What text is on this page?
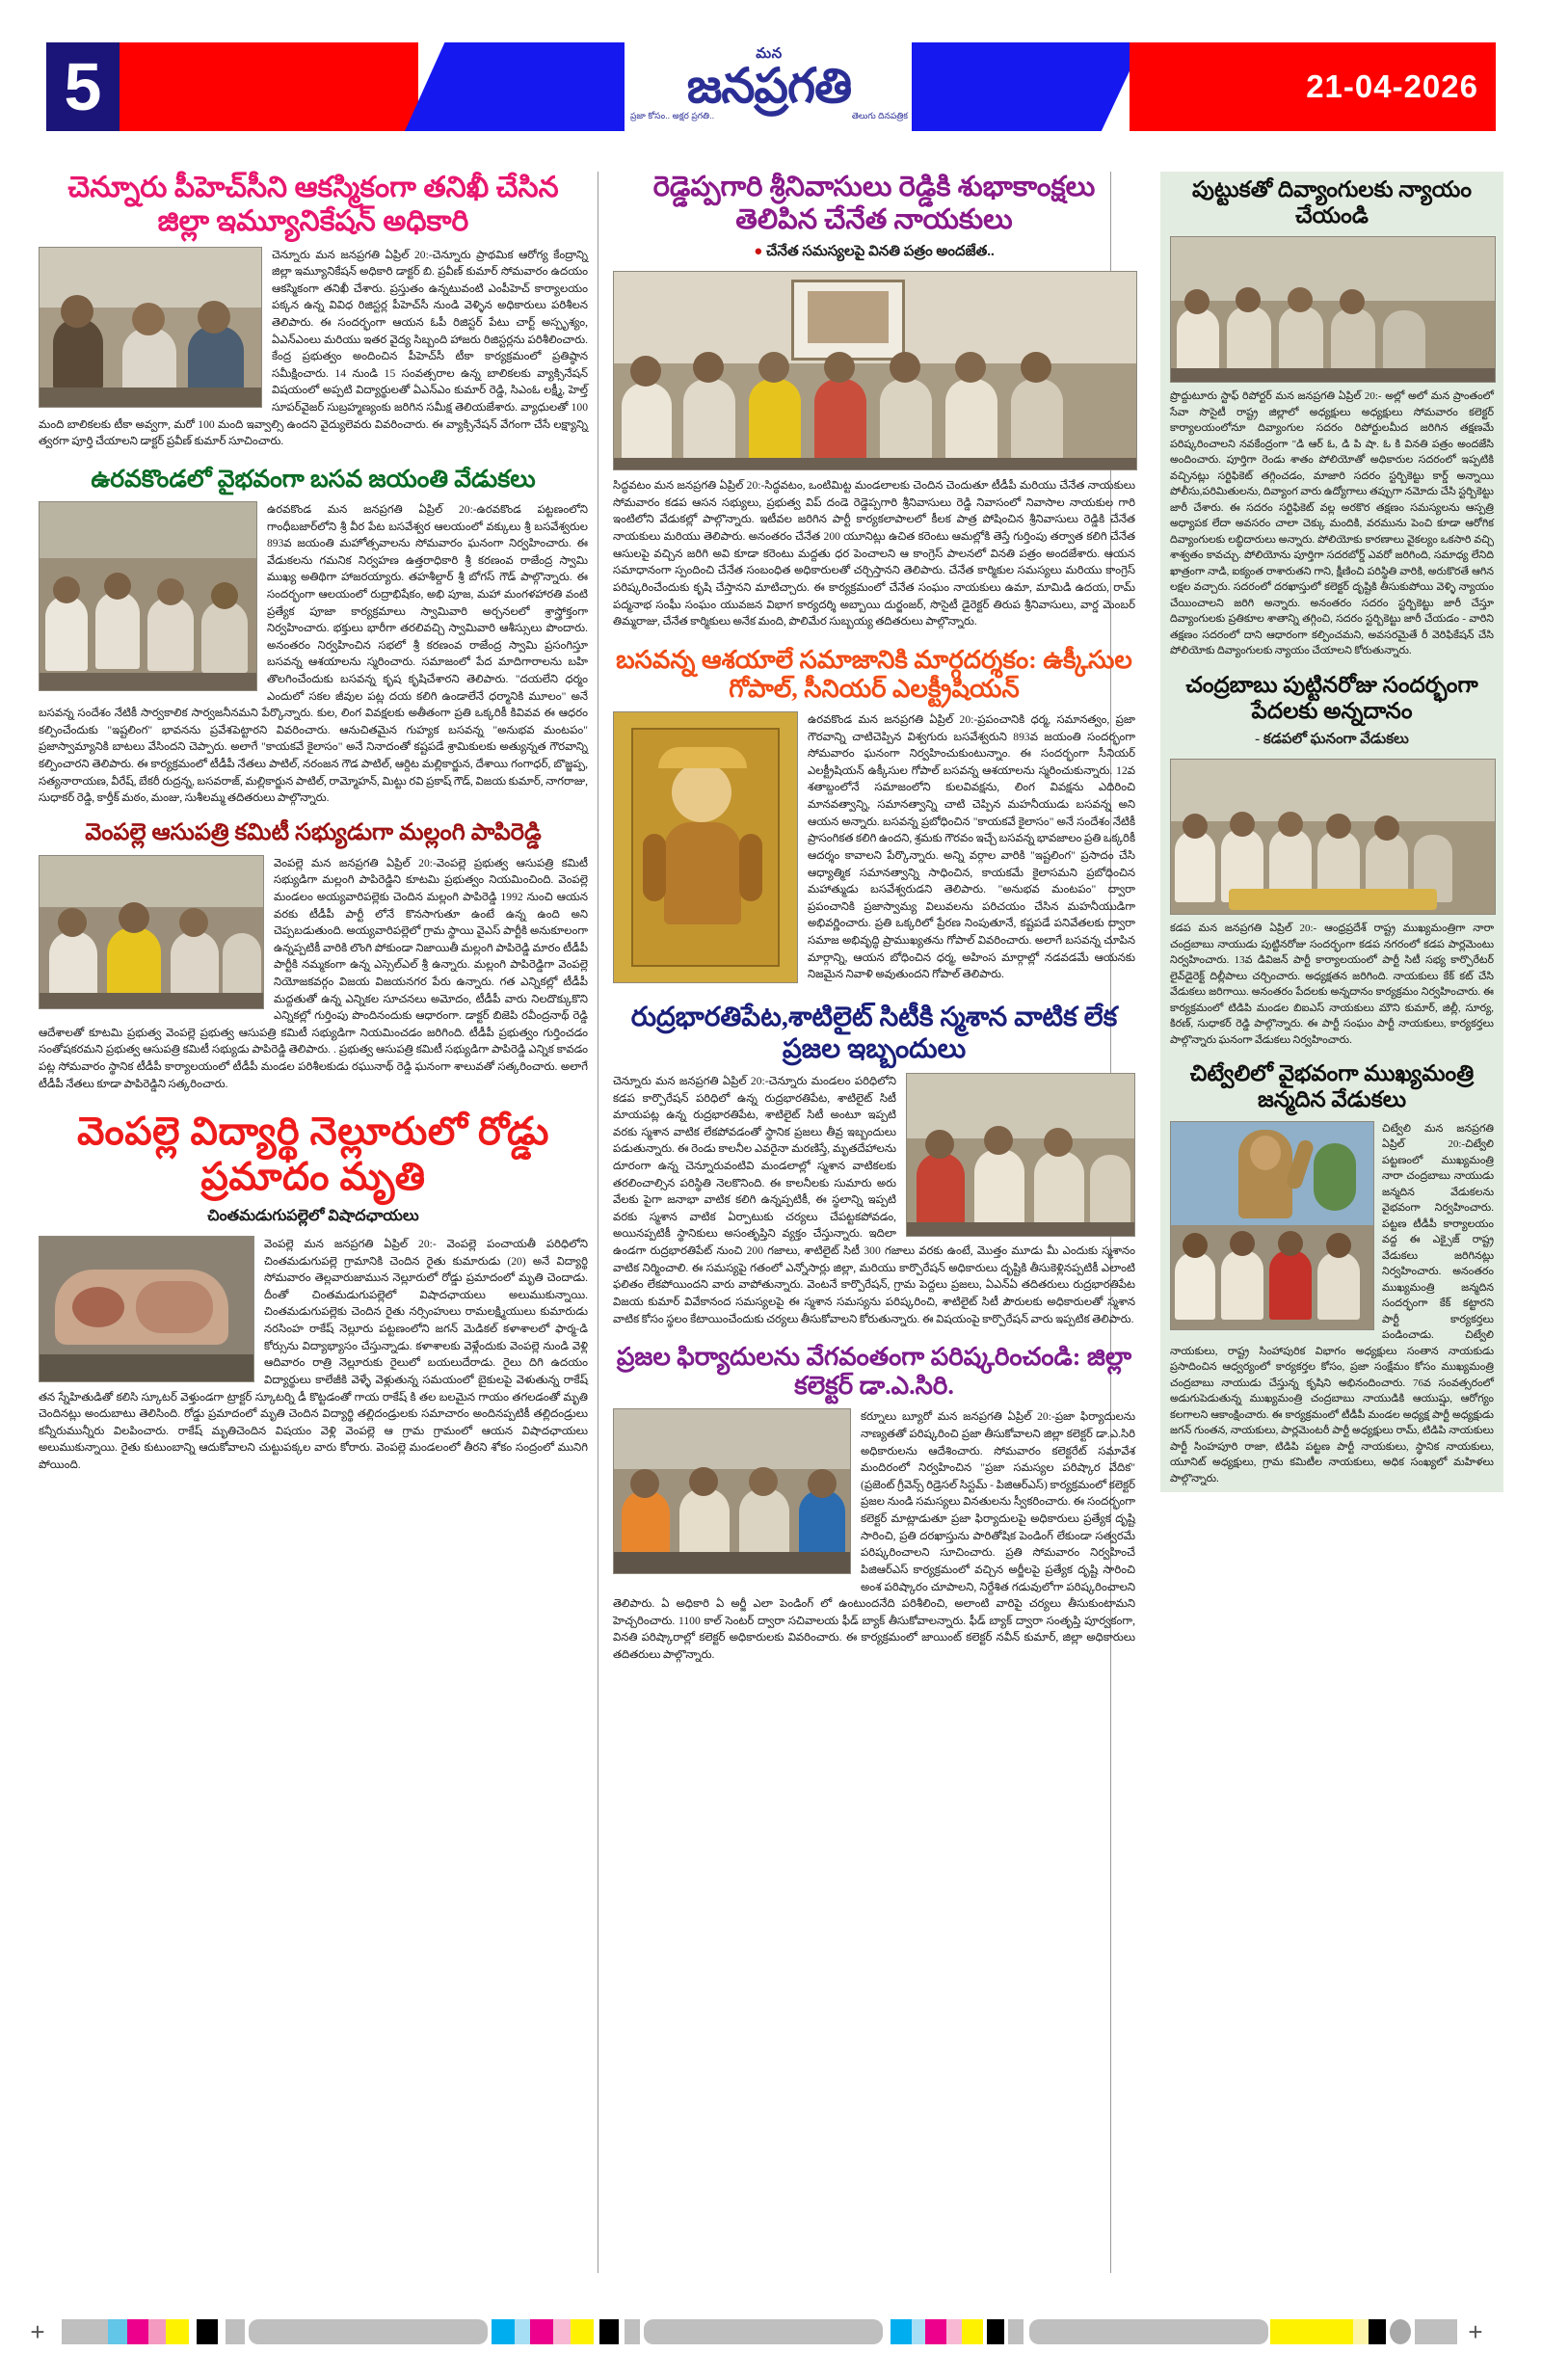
5	మన
జనప్రగతి
ప్రజా కోసం.. అక్షర ప్రగతి..	తెలుగు దినపత్రిక
21-04-2026
చెన్నూరు పీహెచ్‌సీని ఆకస్మికంగా తనిఖీ చేసిన జిల్లా ఇమ్యూనికేషన్ అధికారి
చెన్నూరు మన జనప్రగతి ఏప్రిల్ 20:-చెన్నూరు ప్రాథమిక ఆరోగ్య కేంద్రాన్ని జిల్లా ఇమ్యూనికేషన్ అధికారి డాక్టర్ బి. ప్రవీణ్ కుమార్ సోమవారం ఉదయం ఆకస్మికంగా తనిఖీ చేశారు. ప్రస్తుతం ఉన్నటువంటి ఎంపీహెచ్ కార్యాలయం పక్కన ఉన్న వివిధ రిజిస్టర్ల పీహెచ్‌సీ నుండి వెళ్ళిన అధికారులు పరిశీలన తెలిపారు. ఈ సందర్భంగా ఆయన ఓపీ రిజిస్టర్ పేటు చార్ట్ అస్పృశ్యం, ఏఎన్ఎంలు మరియు ఇతర వైద్య సిబ్బంది హాజరు రిజిస్టర్లను పరిశీలించారు. కేంద్ర ప్రభుత్వం అందించిన పీహెచ్‌సీ టీకా కార్యక్రమంలో ప్రతిష్ఠాన సమీక్షించారు. 14 నుండి 15 సంవత్సరాల ఉన్న బాలికలకు వ్యాక్సినేషన్ విషయంలో అప్పటి విద్యార్థులతో ఏఎన్ఎం కుమార్ రెడ్డి, సిఎంఓ లక్ష్మీ, హెల్త్ సూపర్‌వైజర్ సుబ్రహ్మణ్యంకు జరిగిన సమీక్ష తెలియజేశారు. వ్యాధులతో 100 మంది బాలికలకు టీకా అవ్వగా, మరో 100 మంది ఇవ్వాల్సి ఉందని వైద్యులెవరు వివరించారు. ఈ వ్యాక్సినేషన్ వేగంగా చేసే లక్ష్యాన్ని త్వరగా పూర్తి చేయాలని డాక్టర్ ప్రవీణ్ కుమార్ సూచించారు.
ఉరవకొండలో వైభవంగా బసవ జయంతి వేడుకలు
ఉరవకొండ మన జనప్రగతి ఏప్రిల్ 20:-ఉరవకొండ పట్టణంలోని గాంధీబజార్‌లోని శ్రీ వీర పేట బసవేశ్వర ఆలయంలో వక్కులు శ్రీ బసవేశ్వరుల 893వ జయంతి మహోత్సవాలను సోమవారం ఘనంగా నిర్వహించారు. ఈ వేడుకలను గమనిక నిర్వహణ ఉత్తరాధికారి శ్రీ కరణంవ రాజేంద్ర స్వామి ముఖ్య అతిథిగా హాజరయ్యారు. తహశీల్దార్ శ్రీ బోగస్ గౌడ్ పాల్గొన్నారు. ఈ సందర్భంగా ఆలయంలో రుద్రాభిషేకం, అభి పూజ, మహా మంగళహారతి వంటి ప్రత్యేక పూజా కార్యక్రమాలు స్వామివారి అర్చనలలో శ్రాస్త్రోక్తంగా నిర్వహించారు. భక్తులు భారీగా తరలివచ్చి స్వామివారి ఆశీస్సులు పొందారు. అనంతరం నిర్వహించిన సభలో శ్రీ కరణంవ రాజేంద్ర స్వామి ప్రసంగిస్తూ బసవన్న ఆశయాలను స్మరించారు. సమాజంలో పేద మాదిగారాలను బహి తొలగించేందుకు బసవన్న కృష కృషిచేశారని తెలిపారు. "దయలేని ధర్మం ఎందులో సకల జీవుల పట్ల దయ కలిగి ఉండాలేనే ధర్మానికి మూలం" అనే బసవన్న సందేశం నేటికీ సార్వకాలిక సార్వజనీనమని పేర్కొన్నారు. కుల, లింగ వివక్షలకు అతీతంగా ప్రతి ఒక్కరికీ కివివవ ఈ ఆధరం కల్పించేందుకు "ఇష్టలింగ" భావనను ప్రవేశపెట్టారని వివరించారు. ఆనుచితమైన గుహ్యక బసవన్న "అనుభవ మంటపం" ప్రజాస్వామ్యానికి బాటలు వేసిందని చెప్పారు. అలాగే "కాయకవే కైలాసం" అనే నినాదంతో కష్టపడే శ్రామికులకు అత్యున్నత గౌరవాన్ని కల్పించారని తెలిపారు. ఈ కార్యక్రమంలో టీడీపీ నేతలు పాటిల్, నరంజన గౌడ పాటిల్, ఆర్దిట మల్లికార్జున, దేశాయి గంగాధర్, బొజ్జప్ప, సత్యనారాయణ, వీరేష్, బేకరీ రుద్రన్న, బసవరాజ్, మల్లికార్జున పాటిల్, రామ్మోహన్, మిట్టు రవి ప్రకాష్ గౌడ్, విజయ కుమార్, నాగరాజు, సుధాకర్ రెడ్డి, కార్తీక్ మఠం, మంజు, సుశీలమ్మ తదితరులు పాల్గొన్నారు.
వెంపల్లె ఆసుపత్రి కమిటీ సభ్యుడుగా మల్లంగి పాపిరెడ్డి
వెంపల్లె మన జనప్రగతి ఏప్రిల్ 20:-వెంపల్లె ప్రభుత్వ ఆసుపత్రి కమిటీ సభ్యుడిగా మల్లంగి పాపిరెడ్డిని కూటమి ప్రభుత్వం నియమించింది. వెంపల్లె మండలం అయ్యవారిపల్లెకు చెందిన మల్లంగి పాపిరెడ్డి 1992 నుంచి ఆయన వరకు టీడీపీ పార్టీ లోనే కొనసాగుతూ ఉంటే ఉన్న ఉంది అని చెప్పబడుతుంది. అయ్యవారిపల్లెలో గ్రామ స్థాయి వైఎస్ పార్టీకి అనుకూలంగా ఉన్నప్పటికీ వారికి లొంగి పోకుండా నిజాయితీ మల్లంగి పాపిరెడ్డి మారం టీడీపీ పార్టీకి నమ్మకంగా ఉన్న ఎస్సెల్ఎల్ శ్రీ ఉన్నారు. మల్లంగి పాపిరెడ్డిగా వెంపల్లె నియోజకవర్గం విజయ విజయనగర పేరు ఉన్నారు. గత ఎన్నికల్లో టీడీపీ మద్దతుతో ఉన్న ఎన్నికల సూచనలు అమోదం, టీడీపీ వారు నిలదొక్కుకొని ఎన్నికల్లో గుర్తింపు పొందినందుకు ఆధారంగా. డాక్టర్ బిజెపి రవీంద్రనాథ్ రెడ్డి ఆదేశాలతో కూటమి ప్రభుత్వ వెంపల్లె ప్రభుత్వ ఆసుపత్రి కమిటీ సభ్యుడిగా నియమించడం జరిగింది. టీడీపీ ప్రభుత్వం గుర్తించడం సంతోషకరమని ప్రభుత్వ ఆసుపత్రి కమిటీ సభ్యుడు పాపిరెడ్డి తెలిపారు. . ప్రభుత్వ ఆసుపత్రి కమిటీ సభ్యుడిగా పాపిరెడ్డి ఎన్నిక కావడం పట్ల సోమవారం స్థానిక టీడీపీ కార్యాలయంలో టీడీపీ మండల పరిశీలకుడు రఘునాథ్ రెడ్డి ఘనంగా శాలువతో సత్కరించారు. అలాగే టీడీపీ నేతలు కూడా పాపిరెడ్డిని సత్కరించారు.
వెంపల్లె విద్యార్థి నెల్లూరులో రోడ్డు ప్రమాదం మృతి
చింతమడుగుపల్లెలో విషాదఛాయలు
వెంపల్లె మన జనప్రగతి ఏప్రిల్ 20:- వెంపల్లె పంచాయతీ పరిధిలోని చింతమడుగుపల్లె గ్రామానికి చెందిన రైతు కుమారుడు (20) అనే విద్యార్థి సోమవారం తెల్లవారుజామున నెల్లూరులో రోడ్డు ప్రమాదంలో మృతి చెందాడు. దీంతో చింతమడుగుపల్లెలో విషాదఛాయలు అలుముకున్నాయి. చింతమడుగుపల్లెకు చెందిన రైతు నర్సింహులు రామలక్ష్మియులు కుమారుడు నరసింహ రాకేష్ నెల్లూరు పట్టణంలోని జగన్ మెడికల్ కళాశాలలో ఫార్మ-డి కోర్సును విద్యాభ్యాసం చేస్తున్నాడు. కళాశాలకు వెళ్లేందుకు వెంపల్లె నుండి వెళ్లి ఆదివారం రాత్రి నెల్లూరుకు రైలులో బయలుదేరాడు. రైలు దిగి ఉదయం విద్యార్థులు కాలేజీకి వెళ్ళే వెళ్లుతున్న సమయంలో బైకులపై వెళుతున్న రాకేష్ తన స్నేహితుడితో కలిసి స్కూటర్ వెళ్తుండగా ట్రాక్టర్ స్కూటర్ని డీ కొట్టడంతో గాయ రాకేష్ కి తల బలమైన గాయం తగలడంతో మృతి చెందినట్లు అందుబాటు తెలిసింది. రోడ్డు ప్రమాదంలో మృతి చెందిన విద్యార్థి తల్లిదండ్రులకు సమాచారం అందినప్పటికీ తల్లిదండ్రులు కన్నీరుమున్నీరు విలపించారు. రాకేష్ మృతిచెందిన విషయం వెళ్లి వెంపల్లె ఆ గ్రామ గ్రామంలో ఆయన విషాదఛాయలు అలుముకున్నాయి. రైతు కుటుంబాన్ని ఆదుకోవాలని చుట్టుపక్కల వారు కోరారు. వెంపల్లె మండలంలో తీరని శోకం సంద్రంలో మునిగి పోయింది.
రెడ్డెప్పగారి శ్రీనివాసులు రెడ్డికి శుభాకాంక్షలు తెలిపిన చేనేత నాయకులు
● చేనేత సమస్యలపై వినతి పత్రం అందజేత..
సిద్ధవటం మన జనప్రగతి ఏప్రిల్ 20:-సిద్ధవటం, ఒంటిమిట్ట మండలాలకు చెందిన చెందుతూ టీడీపీ మరియు చేనేత నాయకులు సోమవారం కడప ఆసన సభ్యులు, ప్రభుత్వ విప్ దండె రెడ్డెప్పగారి శ్రీనివాసులు రెడ్డి నివాసంలో నివాసాల నాయకుల గారి ఇంటిలోని వేడుకల్లో పాల్గొన్నారు. ఇటీవల జరిగిన పార్టీ కార్యకలాపాలలో కీలక పాత్ర పోషించిన శ్రీనివాసులు రెడ్డికి చేనేత నాయకులు మరియు తెలిపారు. అనంతరం చేనేత 200 యూనిట్లు ఉచిత కరెంటు ఆమల్లోకి తెస్తే గుర్తింపు తర్వాత కలిగి చేనేత ఆసులపై వచ్చిన జరిగి అవి కూడా కరెంటు మద్దతు ధర పెంచాలని ఆ కాంగ్రెస్ పాలనలో వినతి పత్రం అందజేశారు. ఆయన సమాధానంగా స్పందించి చేనేత సంబంధిత అధికారులతో చర్చిస్తానని తెలిపారు. చేనేత కార్మికుల సమస్యలు మరియు కాంగ్రెస్ పరిష్కరించేందుకు కృషి చేస్తానని మాటిచ్చారు. ఈ కార్యక్రమంలో చేనేత సంఘం నాయకులు ఉమా, మామిడి ఉదయ, రామ్ పద్మనాభ సంఘీ సంఘం యువజన విభాగ కార్యదర్శి అబ్బాయి దుర్జంజర్, సొసైటీ డైరెక్టర్ తిరుప శ్రీనివాసులు, వార్డ మెంబర్ తిమ్మరాజు, చేనేత కార్మికులు అనేక మంది, పొలిమేర సుబ్బయ్య తదితరులు పాల్గొన్నారు.
బసవన్న ఆశయాలే సమాజానికి మార్గదర్శకం: ఉక్కీసుల గోపాల్, సీనియర్ ఎలక్ట్రీషియన్
ఉరవకొండ మన జనప్రగతి ఏప్రిల్ 20:-ప్రపంచానికి ధర్మ, సమానత్వం, ప్రజా గౌరవాన్ని చాటిచెప్పిన విశ్వగురు బసవేశ్వరుని 893వ జయంతి సందర్భంగా సోమవారం ఘనంగా నిర్వహించుకుంటున్నాం. ఈ సందర్భంగా సీనియర్ ఎలక్ట్రీషియన్ ఉక్కీసుల గోపాల్ బసవన్న ఆశయాలను స్మరించుకున్నారు. 12వ శతాబ్దంలోనే సమాజంలోని కులవివక్షను, లింగ వివక్షను ఎదిరించి మానవత్వాన్ని, సమానత్వాన్ని చాటి చెప్పిన మహనీయుడు బసవన్న అని ఆయన అన్నారు. బసవన్న ప్రబోధించిన "కాయకవే కైలాసం" అనే సందేశం నేటికీ ప్రాసంగికత కలిగి ఉందని, శ్రమకు గౌరవం ఇచ్చే బసవన్న భావజాలం ప్రతి ఒక్కరికీ ఆదర్శం కావాలని పేర్కొన్నారు. అన్ని వర్గాల వారికి "ఇష్టలింగ" ప్రసాదం చేసి ఆధ్యాత్మిక సమానత్వాన్ని సాధించిన, కాయకమే కైలాసమని ప్రబోధించిన మహాత్ముడు బసవేశ్వరుడని తెలిపారు. "అనుభవ మంటపం" ద్వారా ప్రపంచానికి ప్రజాస్వామ్య విలువలను పరిచయం చేసిన మహనీయుడిగా అభివర్ణించారు. ప్రతి ఒక్కరిలో ప్రేరణ నింపుతూనే, కష్టపడే పనివేతలకు ద్వారా సమాజ అభివృద్ధి ప్రాముఖ్యతను గోపాల్ వివరించారు. అలాగే బసవన్న చూపిన మార్గాన్ని, ఆయన బోధించిన ధర్మ, అహింస మార్గాల్లో నడవడమే ఆయనకు నిజమైన నివాళి అవుతుందని గోపాల్ తెలిపారు.
రుద్రభారతిపేట,శాటిలైట్ సిటీకి స్మశాన వాటిక లేక ప్రజల ఇబ్బందులు
చెన్నూరు మన జనప్రగతి ఏప్రిల్ 20:-చెన్నూరు మండలం పరిధిలోని కడప కార్పొరేషన్ పరిధిలో ఉన్న రుద్రభారతిపేట, శాటిలైట్ సిటీ మాయపట్ల ఉన్న రుద్రభారతిపేట, శాటిలైట్ సిటీ అంటూ ఇప్పటి వరకు స్మశాన వాటిక లేకపోవడంతో స్థానిక ప్రజలు తీవ్ర ఇబ్బందులు పడుతున్నారు. ఈ రెండు కాలనీల ఎవరైనా మరణిస్తే, మృతదేహాలను దూరంగా ఉన్న చెన్నూరువంటివి మండలాల్లో స్మశాన వాటికలకు తరలించాల్సిన పరిస్థితి నెలకొనింది. ఈ కాలనీలకు సుమారు అరు వేలకు పైగా జనాభా వాటిక కలిగి ఉన్నప్పటికీ, ఈ స్థలాన్ని ఇప్పటి వరకు స్మశాన వాటిక ఏర్పాటుకు చర్యలు చేపట్టకపోవడం, అయినప్పటికీ స్థానికులు అసంతృప్తిని వ్యక్తం చేస్తున్నారు. ఇదిలా ఉండగా రుద్రభారతిపేట్ నుంచి 200 గజాలు, శాటిలైట్ సిటీ 300 గజాలు వరకు ఉంటే, మొత్తం మూడు మీ ఎందుకు స్మశానం వాటిక నిర్మించాలి. ఈ సమస్యపై గతంలో ఎన్నోసార్లు జిల్లా, మరియు కార్పొరేషన్ అధికారులు దృష్టికి తీసుకెళ్లినప్పటికీ ఎలాంటి ఫలితం లేకపోయిందని వారు వాపోతున్నారు. వెంటనే కార్పొరేషన్, గ్రామ పెద్దలు ప్రజలు, ఏఎన్ఏ తదితరులు రుద్రభారతిపేట విజయ కుమార్ వివేకానంద సమస్యలపై ఈ స్మశాన సమస్యను పరిష్కరించి, శాటిలైట్ సిటీ పౌరులకు అధికారులతో స్మశాన వాటిక కోసం స్థలం కేటాయించేందుకు చర్యలు తీసుకోవాలని కోరుతున్నారు. ఈ విషయంపై కార్పొరేషన్ వారు ఇప్పటిక తెలిపారు.
ప్రజల ఫిర్యాదులను వేగవంతంగా పరిష్కరించండి: జిల్లా కలెక్టర్ డా.ఎ.సిరి.
కర్నూలు బ్యూరో మన జనప్రగతి ఏప్రిల్ 20:-ప్రజా ఫిర్యాదులను నాణ్యతతో పరిష్కరించి ప్రజా తీసుకోవాలని జిల్లా కలెక్టర్ డా.ఎ.సిరి అధికారులను ఆదేశించారు. సోమవారం కలెక్టరేట్ సమావేశ మందిరంలో నిర్వహించిన "ప్రజా సమస్యల పరిష్కార వేదిక" (ప్రజెంట్ గ్రీవెన్స్ రిడ్రెసల్ సిస్టమ్ - పిజిఆర్ఎస్) కార్యక్రమంలో కలెక్టర్ ప్రజల నుండి సమస్యలు వినతులను స్వీకరించారు. ఈ సందర్భంగా కలెక్టర్ మాట్లాడుతూ ప్రజా ఫిర్యాదులపై అధికారులు ప్రత్యేక దృష్టి సారించి, ప్రతి దరఖాస్తును పారితోషిక పెండింగ్ లేకుండా సత్వరమే పరిష్కరించాలని సూచించారు. ప్రతి సోమవారం నిర్వహించే పిజిఆర్ఎస్ కార్యక్రమంలో వచ్చిన అర్జీలపై ప్రత్యేక దృష్టి సారించి అంశ పరిష్కారం చూపాలని, నిర్దేశిత గడువులోగా పరిష్కరించాలని తెలిపారు. ఏ అధికారి ఏ అర్జీ ఎలా పెండింగ్ లో ఉంటుందనేది పరిశీలించి, అలాంటి వారిపై చర్యలు తీసుకుంటామని హెచ్చరించారు. 1100 కాల్ సెంటర్ ద్వారా సచివాలయ ఫీడ్ బ్యాక్ తీసుకోవాలన్నారు. ఫీడ్ బ్యాక్ ద్వారా సంతృప్తి పూర్వకంగా, వినతి పరిష్కారాల్లో కలెక్టర్ అధికారులకు వివరించారు. ఈ కార్యక్రమంలో జాయింట్ కలెక్టర్ నవీన్ కుమార్, జిల్లా అధికారులు తదితరులు పాల్గొన్నారు.
పుట్టుకతో దివ్యాంగులకు న్యాయం చేయండి
ప్రొద్దుటూరు స్టాఫ్ రిపోర్టర్ మన జనప్రగతి ఏప్రిల్ 20:- అల్లో అలో మన ప్రాంతంలో సేవా సొసైటీ రాష్ట్ర జిల్లాలో అధ్యక్షులు అధ్యక్షులు సోమవారం కలెక్టర్ కార్యాలయంలోనూ దివ్యాంగుల సదరం రిపోర్టులమీద జరిగిన తక్షణమే పరిష్కరించాలని నవకేంద్రంగా "డి ఆర్ ఓ, డి పి షా. ఓ కి వినతి పత్రం అందజేసి అందించారు. పూర్తిగా రెండు శాతం పోలియోతో అధికారుల సదరంలో ఇప్పటికి వచ్చినట్లు సర్టిఫికెట్ తగ్గించడం, మాజారి సదరం స్టర్బికెట్టు కార్డ్ అన్నాయి పోలీసు,పరిమితులను, దివ్యాంగ వారు ఉద్యోగాలు తప్పుగా నమోదు చేసి స్టర్బికెట్టు జారీ చేశారు. ఈ సదరం సర్టిఫికెట్ వల్ల అరకొర తక్షణం సమస్యలను ఆస్పత్రి అధ్యాపక లేదా అవసరం చాలా చెక్కు మందికి, వరమును పెంచి కూడా ఆరోగిక దివ్యాంగులకు లబ్ధిదారులు అన్నారు. పోలియోకు కారణాలు వైకల్యం ఒకసారి వచ్చి శాశ్వతం కావచ్చు. పోలియోను పూర్తిగా సదరబోర్డ్ ఎవరో జరిగింది, సమాధ్య లేనిది ఖాత్రంగా నాడి, ఐక్యంత రాశారుతని గాని, క్షీణించి పరిస్థితి వారికి, అరుకొరతే ఆగిన లక్షల వచ్చారు. సదరంలో దరఖాస్తులో కలెక్టర్ దృష్టికి తీసుకుపోయి వెళ్ళి న్యాయం చేయించాలని జరిగి అన్నారు. అనంతరం సదరం స్టర్బికెట్టు జారీ చేస్తూ దివ్యాంగులకు ప్రతికూల శాతాన్ని తగ్గించి, సదరం స్టర్బికెట్టు జారీ చేయడం - వారిని తక్షణం సదరంలో దాని ఆధారంగా కల్పించమని, అవసరమైతే రీ వెరిఫికేషన్ చేసి పోలియోకు దివ్యాంగులకు న్యాయం చేయాలని కోరుతున్నారు.
చంద్రబాబు పుట్టినరోజు సందర్భంగా పేదలకు అన్నదానం
- కడపలో ఘనంగా వేడుకలు
కడప మన జనప్రగతి ఏప్రిల్ 20:- ఆంధ్రప్రదేశ్ రాష్ట్ర ముఖ్యమంత్రిగా నారా చంద్రబాబు నాయుడు పుట్టినరోజు సందర్భంగా కడప నగరంలో కడప పార్లమెంటు నిర్వహించారు. 13వ డివిజన్ పార్టీ కార్యాలయంలో పార్టీ సిటీ సభ్య కార్పొరేటర్ లైవ్‌డైరెక్ట్ దిల్లీపాలు చర్చించారు. అధ్యక్షతన జరిగింది. నాయకులు కేక్ కట్ చేసి వేడుకలు జరిగాయి. అనంతరం పేదలకు అన్నదానం కార్యక్రమం నిర్వహించారు. ఈ కార్యక్రమంలో టిడిపి మండల బిఐఎస్ నాయకులు మౌని కుమార్, జిల్లీ, సూర్య, కిరణ్, సుధాకర్ రెడ్డి పాల్గొన్నారు. ఈ పార్టీ సంఘం పార్టీ నాయకులు, కార్యకర్తలు పాల్గొన్నారు ఘనంగా వేడుకలు నిర్వహించారు.
చిట్వేలిలో వైభవంగా ముఖ్యమంత్రి జన్మదిన వేడుకలు
చిట్వేలి మన జనప్రగతి ఏప్రిల్ 20:-చిట్వేలి పట్టణంలో ముఖ్యమంత్రి నారా చంద్రబాబు నాయుడు జన్మదిన వేడుకలను వైభవంగా నిర్వహించారు. పట్టణ టీడీపీ కార్యాలయం వద్ద ఈ ఎక్సైజ్ రాష్ట్ర వేడుకలు జరిగినట్లు నిర్వహించారు. అనంతరం ముఖ్యమంత్రి జన్మదిన సందర్భంగా కేక్ కట్టారని పార్టీ కార్యకర్తలు పండించాడు. చిట్వేలి నాయకులు, రాష్ట్ర సింహాపురిక విభాగం అధ్యక్షులు సంతాన నాయకుడు ప్రసాదించిన ఆధ్వర్యంలో కార్యకర్తల కోసం, ప్రజా సంక్షేమం కోసం ముఖ్యమంత్రి చంద్రబాబు నాయుడు చేస్తున్న కృషిని అభినందించారు. 76వ సంవత్సరంలో అడుగుపెడుతున్న ముఖ్యమంత్రి చంద్రబాబు నాయుడికి ఆయుష్షు, ఆరోగ్యం కలగాలని ఆకాంక్షించారు. ఈ కార్యక్రమంలో టీడీపీ మండల అధ్యక్ష పార్టీ అధ్యక్షుడు జగన్ గుంతన, నాయకులు, పార్లమెంటరీ పార్టీ అధ్యక్షులు రామ్, టిడిపి నాయకులు పార్టీ సింహపూరి రాజా, టిడిపి పట్టణ పార్టీ నాయకులు, స్థానిక నాయకులు, యూనిట్ అధ్యక్షులు, గ్రామ కమిటీల నాయకులు, అధిక సంఖ్యలో మహిళలు పాల్గొన్నారు.
+	+
